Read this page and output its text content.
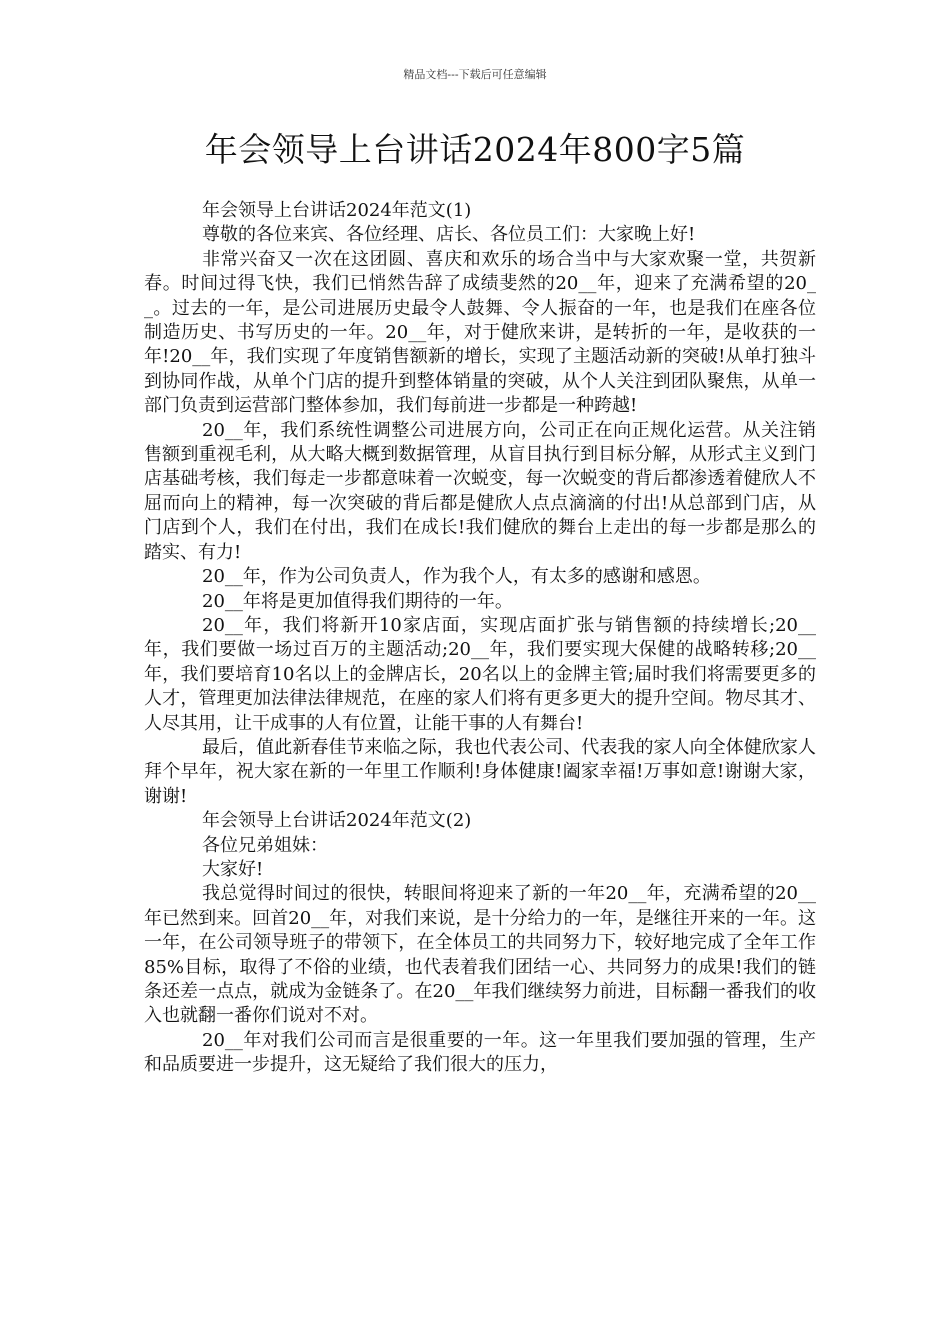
精品文档---下载后可任意编辑
年会领导上台讲话2024年800字5篇

年会领导上台讲话2024年范文(1)

尊敬的各位来宾、各位经理、店长、各位员工们：大家晚上好!

非常兴奋又一次在这团圆、喜庆和欢乐的场合当中与大家欢聚一堂，共贺新春。时间过得飞快，我们已悄然告辞了成绩斐然的20__年，迎来了充满希望的20__。过去的一年，是公司进展历史最令人鼓舞、令人振奋的一年，也是我们在座各位制造历史、书写历史的一年。20__年，对于健欣来讲，是转折的一年，是收获的一年!20__年，我们实现了年度销售额新的增长，实现了主题活动新的突破!从单打独斗到协同作战，从单个门店的提升到整体销量的突破，从个人关注到团队聚焦，从单一部门负责到运营部门整体参加，我们每前进一步都是一种跨越!

20__年，我们系统性调整公司进展方向，公司正在向正规化运营。从关注销售额到重视毛利，从大略大概到数据管理，从盲目执行到目标分解，从形式主义到门店基础考核，我们每走一步都意味着一次蜕变，每一次蜕变的背后都渗透着健欣人不屈而向上的精神，每一次突破的背后都是健欣人点点滴滴的付出!从总部到门店，从门店到个人，我们在付出，我们在成长!我们健欣的舞台上走出的每一步都是那么的踏实、有力!

20__年，作为公司负责人，作为我个人，有太多的感谢和感恩。

20__年将是更加值得我们期待的一年。

20__年，我们将新开10家店面，实现店面扩张与销售额的持续增长;20__年，我们要做一场过百万的主题活动;20__年，我们要实现大保健的战略转移;20__年，我们要培育10名以上的金牌店长，20名以上的金牌主管;届时我们将需要更多的人才，管理更加法律法律规范，在座的家人们将有更多更大的提升空间。物尽其才、人尽其用，让干成事的人有位置，让能干事的人有舞台!

最后，值此新春佳节来临之际，我也代表公司、代表我的家人向全体健欣家人拜个早年，祝大家在新的一年里工作顺利!身体健康!阖家幸福!万事如意!谢谢大家，谢谢!

年会领导上台讲话2024年范文(2)

各位兄弟姐妹：

大家好!

我总觉得时间过的很快，转眼间将迎来了新的一年20__年，充满希望的20__年已然到来。回首20__年，对我们来说，是十分给力的一年，是继往开来的一年。这一年，在公司领导班子的带领下，在全体员工的共同努力下，较好地完成了全年工作85%目标，取得了不俗的业绩，也代表着我们团结一心、共同努力的成果!我们的链条还差一点点，就成为金链条了。在20__年我们继续努力前进，目标翻一番我们的收入也就翻一番你们说对不对。

20__年对我们公司而言是很重要的一年。这一年里我们要加强的管理，生产和品质要进一步提升，这无疑给了我们很大的压力，
